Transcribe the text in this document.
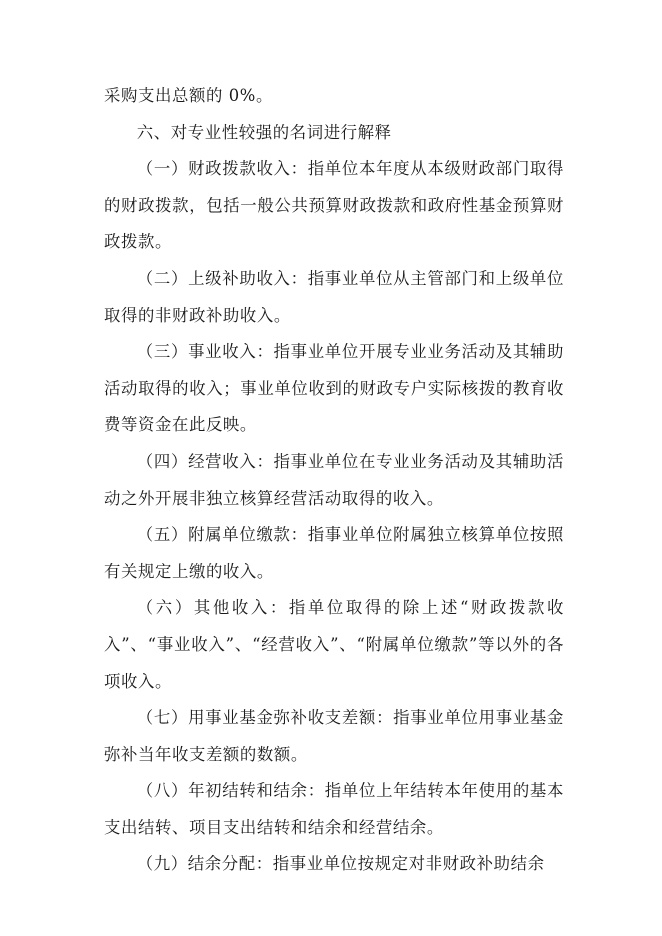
采购支出总额的 0%。

六、对专业性较强的名词进行解释

（一）财政拨款收入：指单位本年度从本级财政部门取得的财政拨款，包括一般公共预算财政拨款和政府性基金预算财政拨款。

（二）上级补助收入：指事业单位从主管部门和上级单位取得的非财政补助收入。

（三）事业收入：指事业单位开展专业业务活动及其辅助活动取得的收入；事业单位收到的财政专户实际核拨的教育收费等资金在此反映。

（四）经营收入：指事业单位在专业业务活动及其辅助活动之外开展非独立核算经营活动取得的收入。

（五）附属单位缴款：指事业单位附属独立核算单位按照有关规定上缴的收入。

（六）其他收入：指单位取得的除上述“财政拨款收入”、“事业收入”、“经营收入”、“附属单位缴款”等以外的各项收入。

（七）用事业基金弥补收支差额：指事业单位用事业基金弥补当年收支差额的数额。

（八）年初结转和结余：指单位上年结转本年使用的基本支出结转、项目支出结转和结余和经营结余。

（九）结余分配：指事业单位按规定对非财政补助结余
